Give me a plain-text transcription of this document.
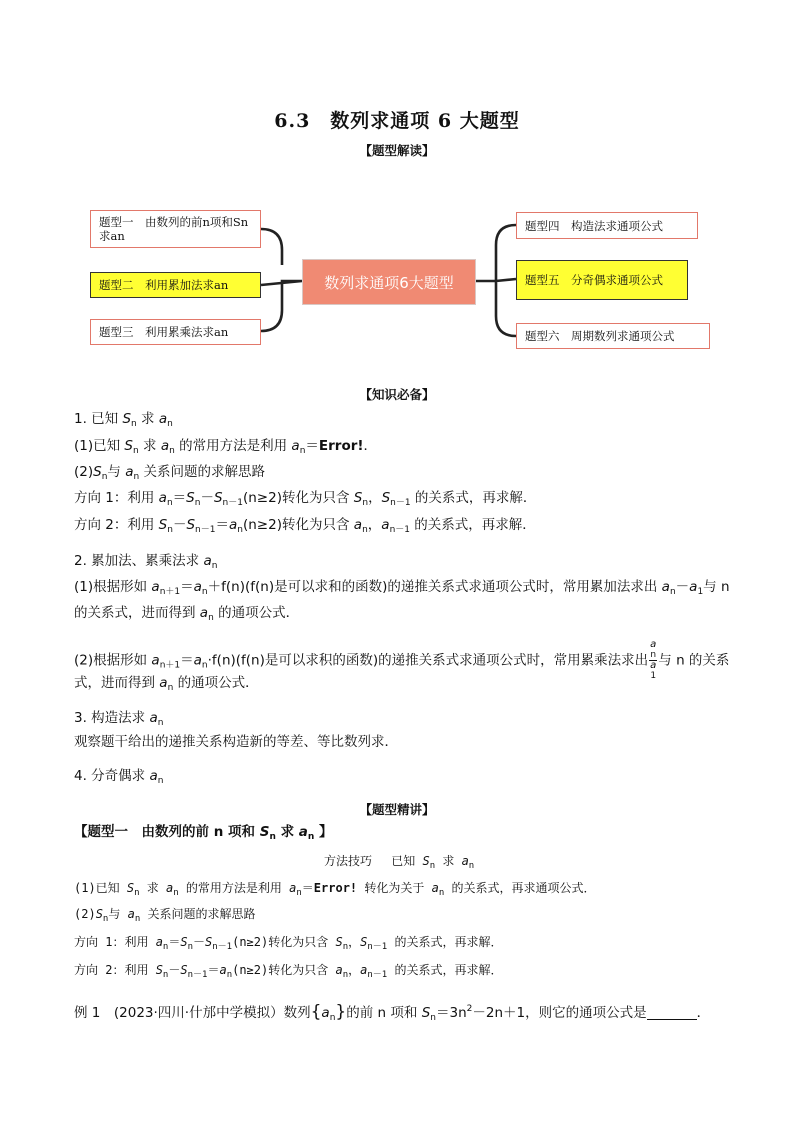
6.3　数列求通项 6 大题型
【题型解读】
题型一　由数列的前n项和Sn求an
题型二　利用累加法求an
题型三　利用累乘法求an
数列求通项6大题型
题型四　构造法求通项公式
题型五　分奇偶求通项公式
题型六　周期数列求通项公式
【知识必备】
1. 已知 $S_n$ 求 $a_n$
(1)已知 $S_n$ 求 $a_n$ 的常用方法是利用 $a_n=Error$!．
$(2)S_n$与 $a_n$ 关系问题的求解思路
方向 1：利用 $a_n=S_n-S_{n-1}(n\ge 2)$转化为只含 $S_n$，$S_{n-1}$ 的关系式，再求解．
方向 2：利用 $S_n-S_{n-1}=a_n(n\ge 2)$转化为只含 $a_n$，$a_{n-1}$ 的关系式，再求解．
2. 累加法、累乘法求 $a_n$
(1)根据形如 $a_{n+1}=a_n+f(n)(f(n)$是可以求和的函数)的递推关系式求通项公式时，常用累加法求出 $a_n-a_1$与 n
的关系式，进而得到 $a_n$ 的通项公式．
(2)根据形如 $a_{n+1}=a_n\cdot f(n)(f(n)$是可以求积的函数)的递推关系式求通项公式时，常用累乘法求出 a
n
a
1 与 n 的关系
式，进而得到 $a_n$ 的通项公式．
3. 构造法求 $a_n$
观察题干给出的递推关系构造新的等差、等比数列求．
4. 分奇偶求 $a_n$
【题型精讲】
【题型一　由数列的前 n 项和 $S_n$ 求 $a_n$ 】
方法技巧　 已知 $S_n$ 求 $a_n$
(1)已知 $S_n$ 求 $a_n$ 的常用方法是利用 $a_n=Error$! 转化为关于 $a_n$ 的关系式，再求通项公式．
$(2)S_n$与 $a_n$ 关系问题的求解思路
方向 1：利用 $a_n=S_n-S_{n-1}(n\ge 2)$转化为只含 $S_n$，$S_{n-1}$ 的关系式，再求解．
方向 2：利用 $S_n-S_{n-1}=a_n(n\ge 2)$转化为只含 $a_n$，$a_{n-1}$ 的关系式，再求解．
例 1　(2023·四川·什邡中学模拟）数列$\{a_n\}$的前 n 项和 $S_n=3n^2-2n+1$，则它的通项公式是	．
